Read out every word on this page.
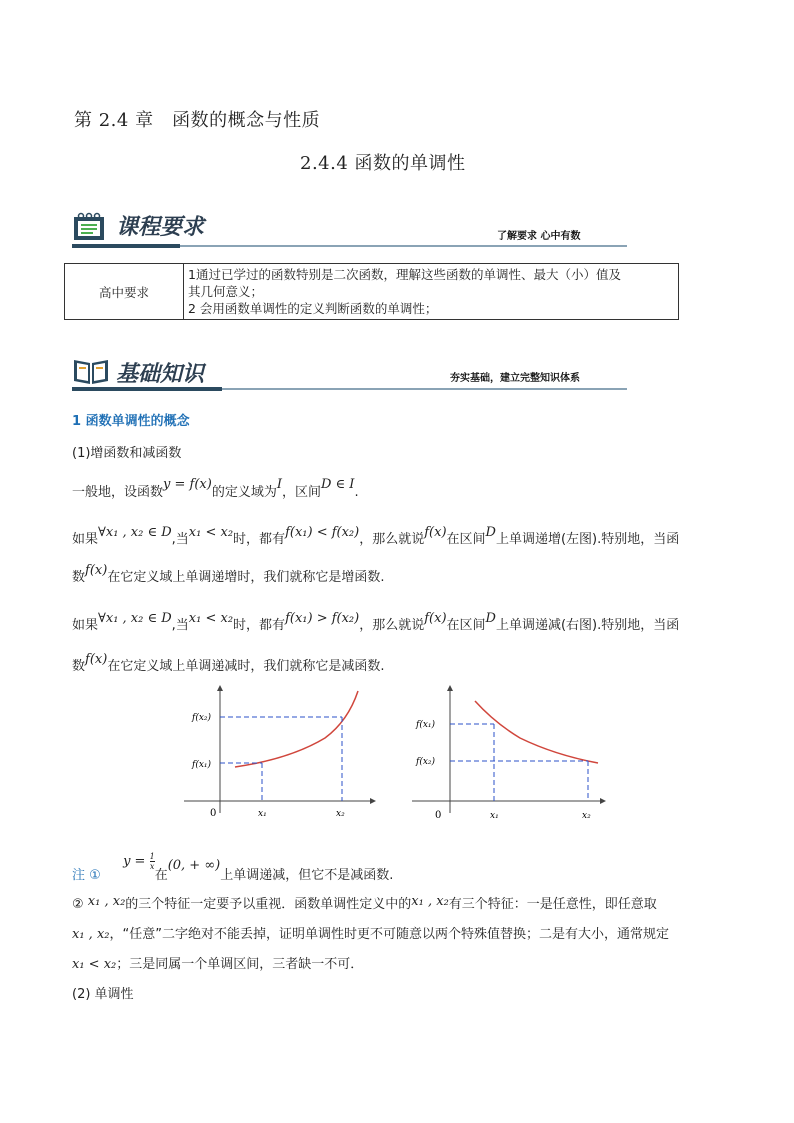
第 2.4 章　函数的概念与性质
2.4.4 函数的单调性
课程要求	了解要求 心中有数
高中要求	
1通过已学过的函数特别是二次函数，理解这些函数的单调性、最大（小）值及
其几何意义；
2 会用函数单调性的定义判断函数的单调性；
基础知识	夯实基础，建立完整知识体系
1 函数单调性的概念
(1)增函数和减函数
一般地，设函数y = f(x)的定义域为I，区间D ∈ I.
如果∀x₁ , x₂ ∈ D,当x₁ < x₂时，都有f(x₁) < f(x₂)，那么就说f(x)在区间D上单调递增(左图).特别地，当函
数f(x)在它定义域上单调递增时，我们就称它是增函数.
如果∀x₁ , x₂ ∈ D,当x₁ < x₂时，都有f(x₁) > f(x₂)，那么就说f(x)在区间D上单调递减(右图).特别地，当函
数f(x)在它定义域上单调递减时，我们就称它是减函数.
f(x₂)
f(x₁)
0	x₁	x₂
f(x₁)
f(x₂)
0	x₁	x₂
注 ①  $y = \frac{1}{x}$
在(0, + ∞)上单调递减，但它不是减函数.
② x₁ , x₂的三个特征一定要予以重视．函数单调性定义中的x₁ , x₂有三个特征：一是任意性，即任意取
x₁ , x₂，“任意”二字绝对不能丢掉，证明单调性时更不可随意以两个特殊值替换；二是有大小，通常规定
x₁ < x₂；三是同属一个单调区间，三者缺一不可．
(2) 单调性
